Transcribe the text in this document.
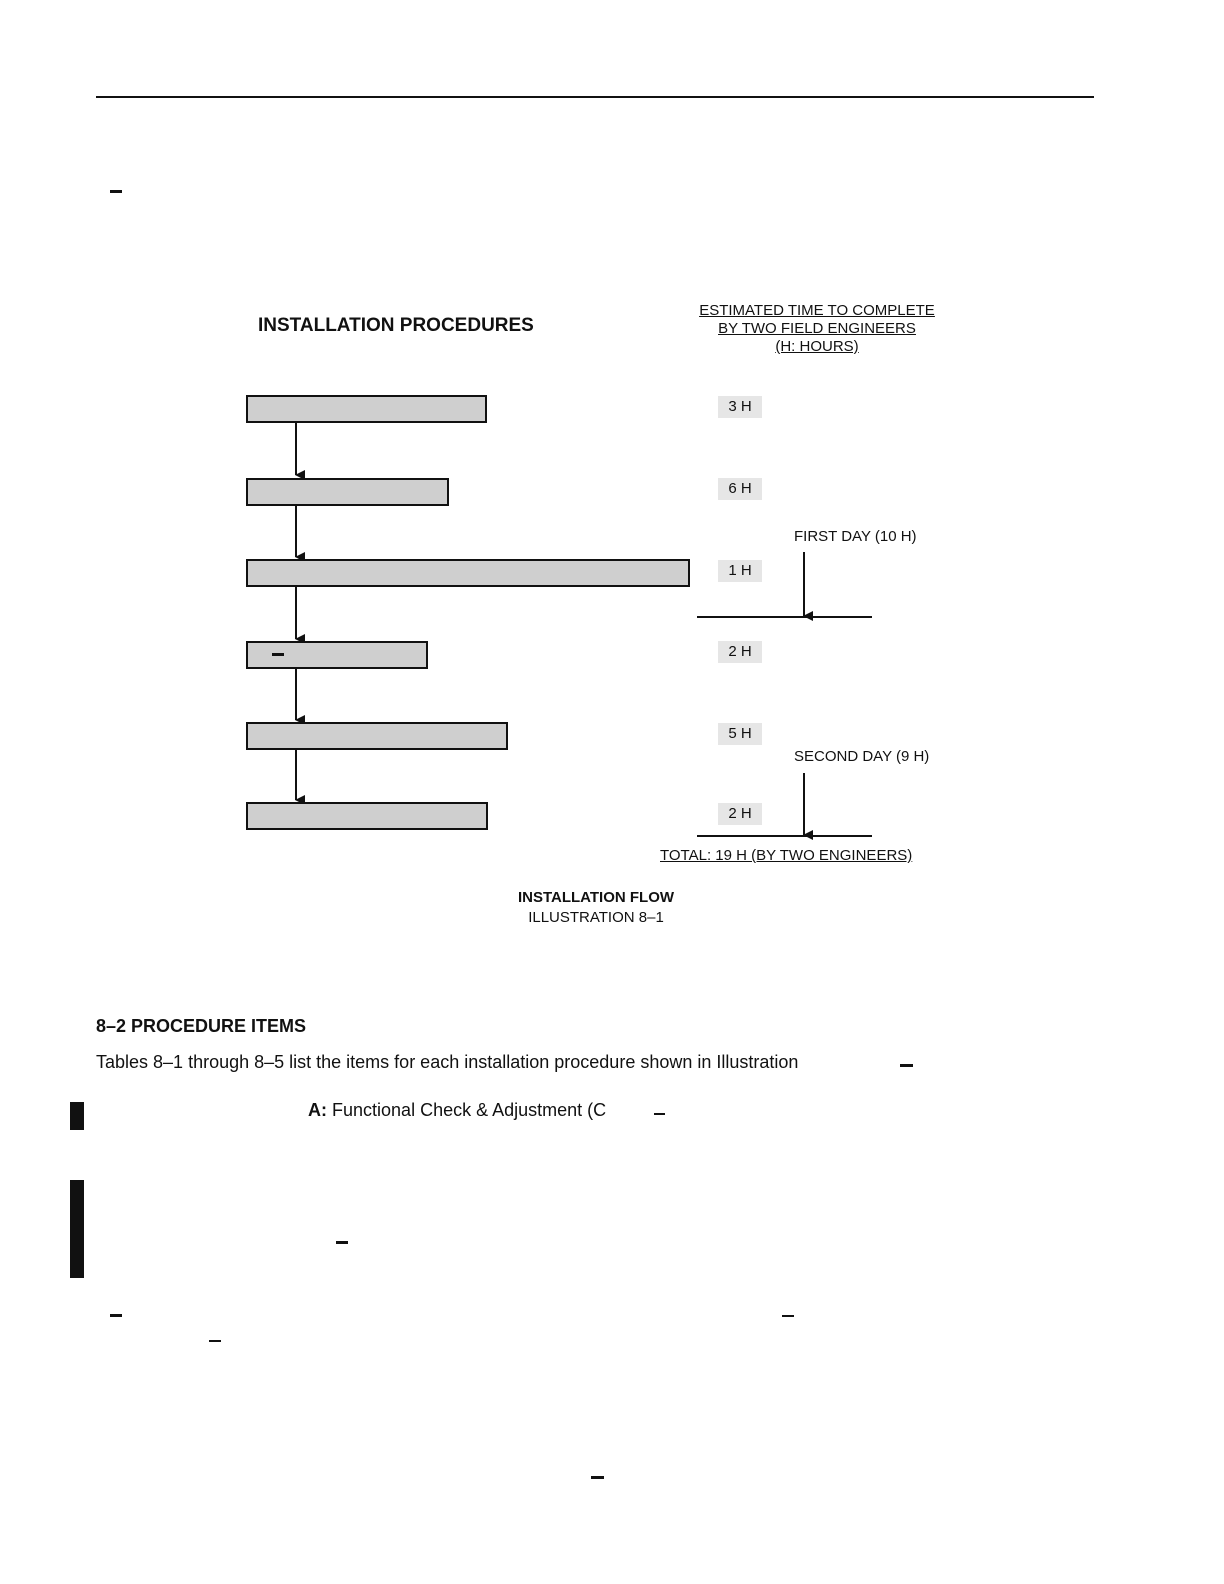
INSTALLATION PROCEDURES
ESTIMATED TIME TO COMPLETE
BY TWO FIELD ENGINEERS
(H: HOURS)
3 H
6 H
1 H
2 H
5 H
2 H
FIRST DAY (10 H)
SECOND DAY (9 H)
TOTAL: 19 H (BY TWO ENGINEERS)
INSTALLATION FLOW
ILLUSTRATION 8–1
8–2 PROCEDURE ITEMS
Tables 8–1 through 8–5 list the items for each installation procedure shown in Illustration
A: Functional Check & Adjustment (C
